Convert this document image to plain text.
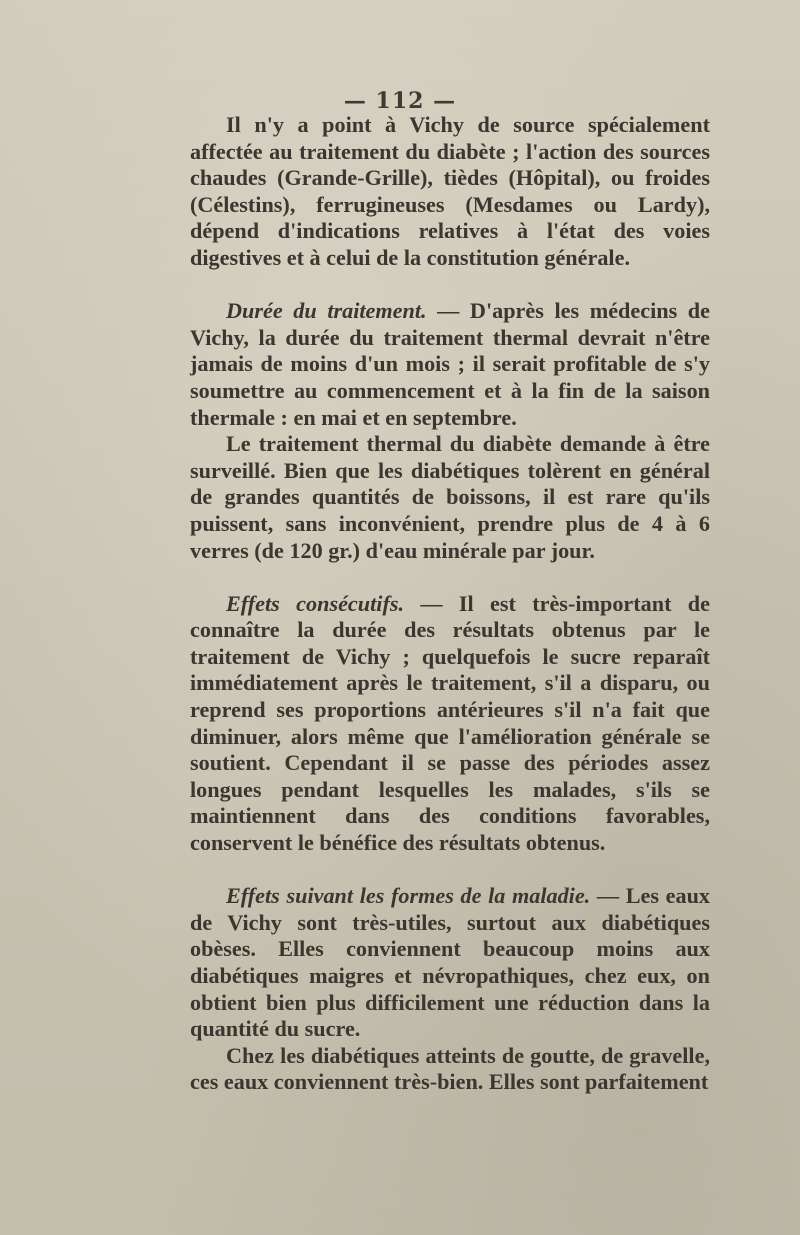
— 112 —

Il n'y a point à Vichy de source spécialement affectée au traitement du diabète ; l'action des sources chaudes (Grande-Grille), tièdes (Hôpital), ou froides (Célestins), ferrugineuses (Mesdames ou Lardy), dépend d'indications relatives à l'état des voies digestives et à celui de la constitution générale.

Durée du traitement. — D'après les médecins de Vichy, la durée du traitement thermal devrait n'être jamais de moins d'un mois ; il serait profitable de s'y soumettre au commencement et à la fin de la saison thermale : en mai et en septembre.

Le traitement thermal du diabète demande à être surveillé. Bien que les diabétiques tolèrent en général de grandes quantités de boissons, il est rare qu'ils puissent, sans inconvénient, prendre plus de 4 à 6 verres (de 120 gr.) d'eau minérale par jour.

Effets consécutifs. — Il est très-important de connaître la durée des résultats obtenus par le traitement de Vichy ; quelquefois le sucre reparaît immédiatement après le traitement, s'il a disparu, ou reprend ses proportions antérieures s'il n'a fait que diminuer, alors même que l'amélioration générale se soutient. Cependant il se passe des périodes assez longues pendant lesquelles les malades, s'ils se maintiennent dans des conditions favorables, conservent le bénéfice des résultats obtenus.

Effets suivant les formes de la maladie. — Les eaux de Vichy sont très-utiles, surtout aux diabétiques obèses. Elles conviennent beaucoup moins aux diabétiques maigres et névropathiques, chez eux, on obtient bien plus difficilement une réduction dans la quantité du sucre.

Chez les diabétiques atteints de goutte, de gravelle, ces eaux conviennent très-bien. Elles sont parfaitement
